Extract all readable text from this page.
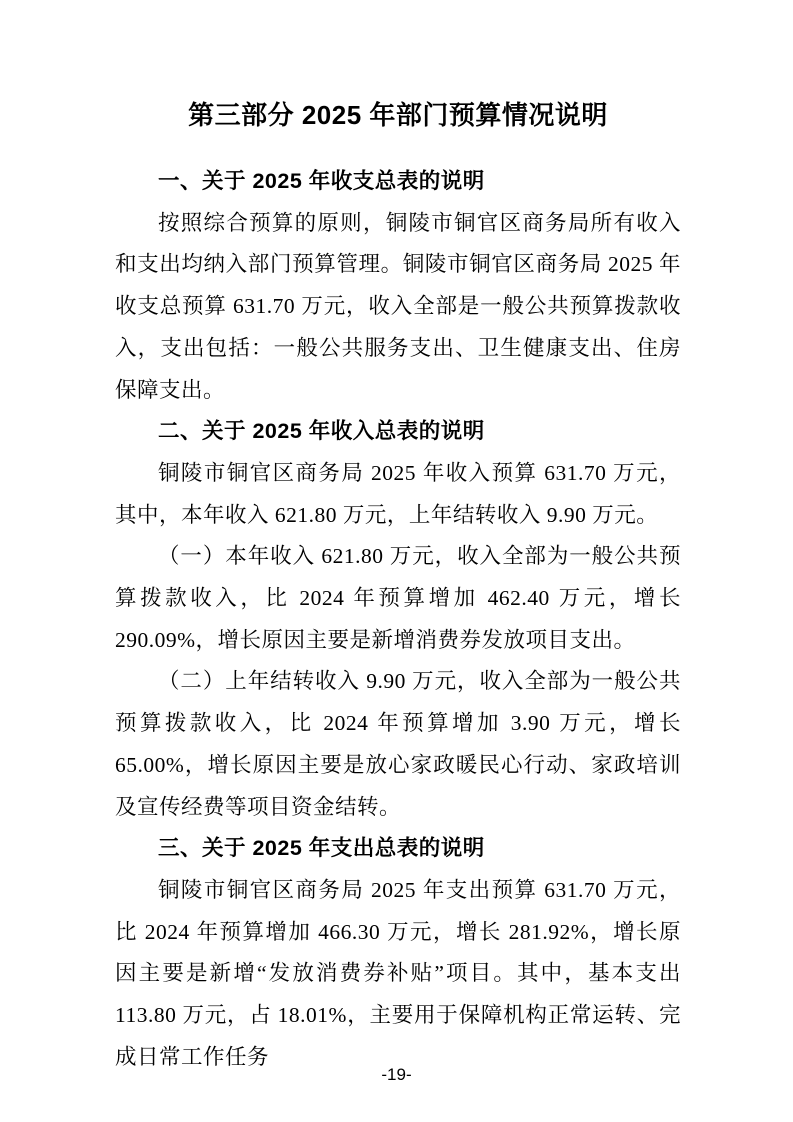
第三部分 2025 年部门预算情况说明
一、关于 2025 年收支总表的说明

按照综合预算的原则，铜陵市铜官区商务局所有收入和支出均纳入部门预算管理。铜陵市铜官区商务局 2025 年收支总预算 631.70 万元，收入全部是一般公共预算拨款收入，支出包括：一般公共服务支出、卫生健康支出、住房保障支出。

二、关于 2025 年收入总表的说明

铜陵市铜官区商务局 2025 年收入预算 631.70 万元，其中，本年收入 621.80 万元，上年结转收入 9.90 万元。

（一）本年收入 621.80 万元，收入全部为一般公共预算拨款收入，比 2024 年预算增加 462.40 万元，增长 290.09%，增长原因主要是新增消费券发放项目支出。

（二）上年结转收入 9.90 万元，收入全部为一般公共预算拨款收入，比 2024 年预算增加 3.90 万元，增长 65.00%，增长原因主要是放心家政暖民心行动、家政培训及宣传经费等项目资金结转。

三、关于 2025 年支出总表的说明

铜陵市铜官区商务局 2025 年支出预算 631.70 万元，比 2024 年预算增加 466.30 万元，增长 281.92%，增长原因主要是新增“发放消费券补贴”项目。其中，基本支出 113.80 万元，占 18.01%，主要用于保障机构正常运转、完成日常工作任务

-19-
